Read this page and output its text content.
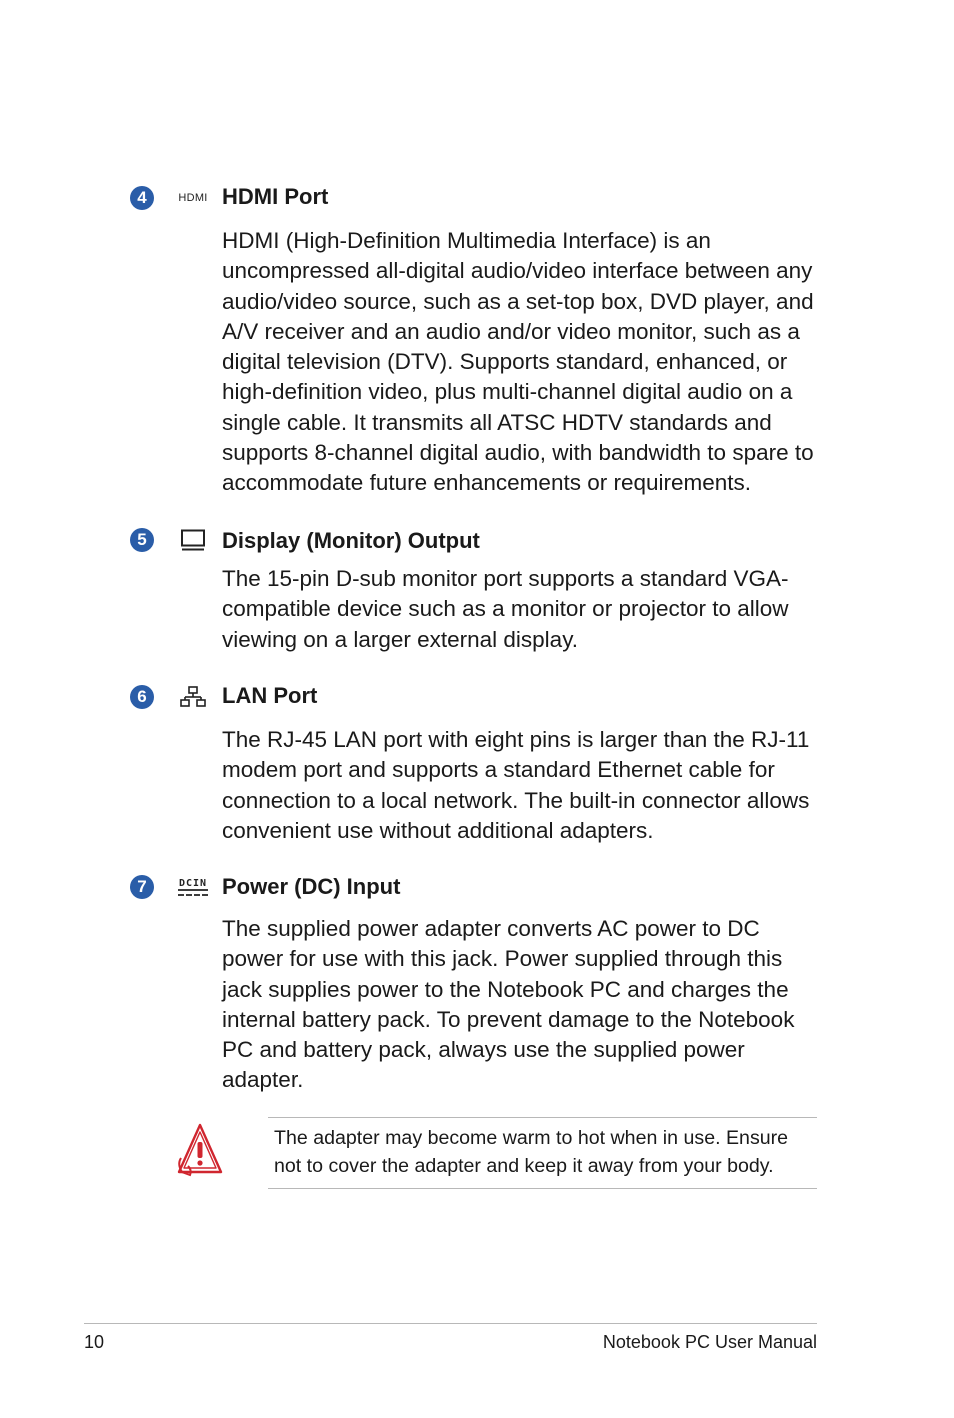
4	HDMI HDMI Port

HDMI (High-Definition Multimedia Interface) is an uncompressed all-digital audio/video interface between any audio/video source, such as a set-top box, DVD player, and A/V receiver and an audio and/or video monitor, such as a digital television (DTV). Supports standard, enhanced, or high-definition video, plus multi-channel digital audio on a single cable. It transmits all ATSC HDTV standards and supports 8-channel digital audio, with bandwidth to spare to accommodate future enhancements or requirements.

5	Display (Monitor) Output

The 15-pin D-sub monitor port supports a standard VGA-compatible device such as a monitor or projector to allow viewing on a larger external display.

6	LAN Port

The RJ-45 LAN port with eight pins is larger than the RJ-11 modem port and supports a standard Ethernet cable for connection to a local network. The built-in connector allows convenient use without additional adapters.

7	DCIN Power (DC) Input

The supplied power adapter converts AC power to DC power for use with this jack. Power supplied through this jack supplies power to the Notebook PC and charges the internal battery pack. To prevent damage to the Notebook PC and battery pack, always use the supplied power adapter.

The adapter may become warm to hot when in use. Ensure not to cover the adapter and keep it away from your body.

10	Notebook PC User Manual
